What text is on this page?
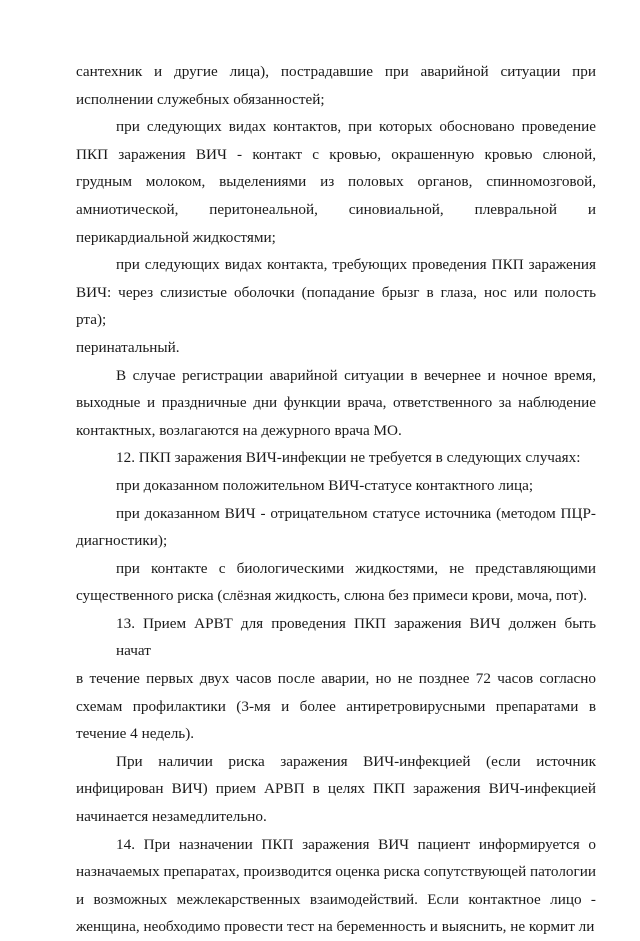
сантехник и другие лица), пострадавшие при аварийной ситуации при
исполнении служебных обязанностей;
при следующих видах контактов, при которых обосновано проведение
ПКП заражения ВИЧ - контакт с кровью, окрашенную кровью слюной,
грудным молоком, выделениями из половых органов, спинномозговой,
амниотической, перитонеальной, синовиальной, плевральной и
перикардиальной жидкостями;
при следующих видах контакта, требующих проведения ПКП заражения
ВИЧ: через слизистые оболочки (попадание брызг в глаза, нос или полость рта);
перинатальный.
В случае регистрации аварийной ситуации в вечернее и ночное время,
выходные и праздничные дни функции врача, ответственного за наблюдение
контактных, возлагаются на дежурного врача МО.
12. ПКП заражения ВИЧ-инфекции не требуется в следующих случаях:
при доказанном положительном ВИЧ-статусе контактного лица;
при доказанном ВИЧ - отрицательном статусе источника (методом ПЦР-
диагностики);
при контакте с биологическими жидкостями, не представляющими
существенного риска (слёзная жидкость, слюна без примеси крови, моча, пот).
13. Прием АРВТ для проведения ПКП заражения ВИЧ должен быть начат
в течение первых двух часов после аварии, но не позднее 72 часов согласно
схемам профилактики (3-мя и более антиретровирусными препаратами в
течение 4 недель).
При наличии риска заражения ВИЧ-инфекцией (если источник
инфицирован ВИЧ) прием АРВП в целях ПКП заражения ВИЧ-инфекцией
начинается незамедлительно.
14. При назначении ПКП заражения ВИЧ пациент информируется о
назначаемых препаратах, производится оценка риска сопутствующей патологии
и возможных межлекарственных взаимодействий. Если контактное лицо -
женщина, необходимо провести тест на беременность и выяснить, не кормит ли
